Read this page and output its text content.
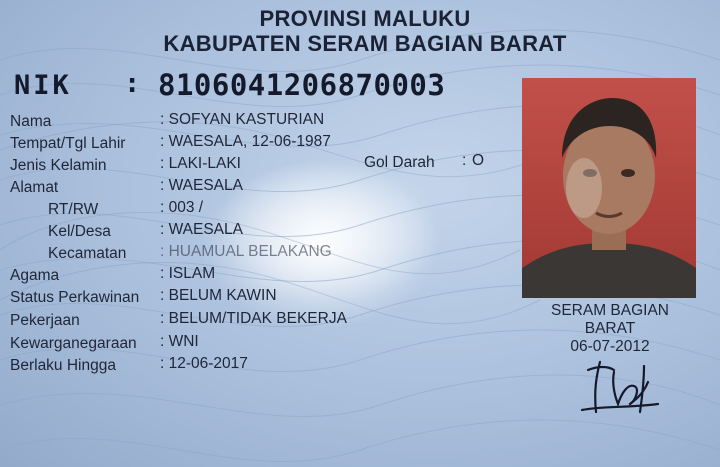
PROVINSI MALUKU
KABUPATEN SERAM BAGIAN BARAT
NIK : 8106041206870003
Nama	: SOFYAN KASTURIAN
Tempat/Tgl Lahir : WAESALA, 12-06-1987
Jenis Kelamin	: LAKI-LAKI	Gol Darah : O
Alamat	: WAESALA
RT/RW	: 003 /
Kel/Desa	: WAESALA
Kecamatan : HUAMUAL BELAKANG
Agama	: ISLAM
Status Perkawinan : BELUM KAWIN
Pekerjaan	: BELUM/TIDAK BEKERJA
Kewarganegaraan : WNI
Berlaku Hingga	: 12-06-2017
SERAM BAGIAN
BARAT
06-07-2012
